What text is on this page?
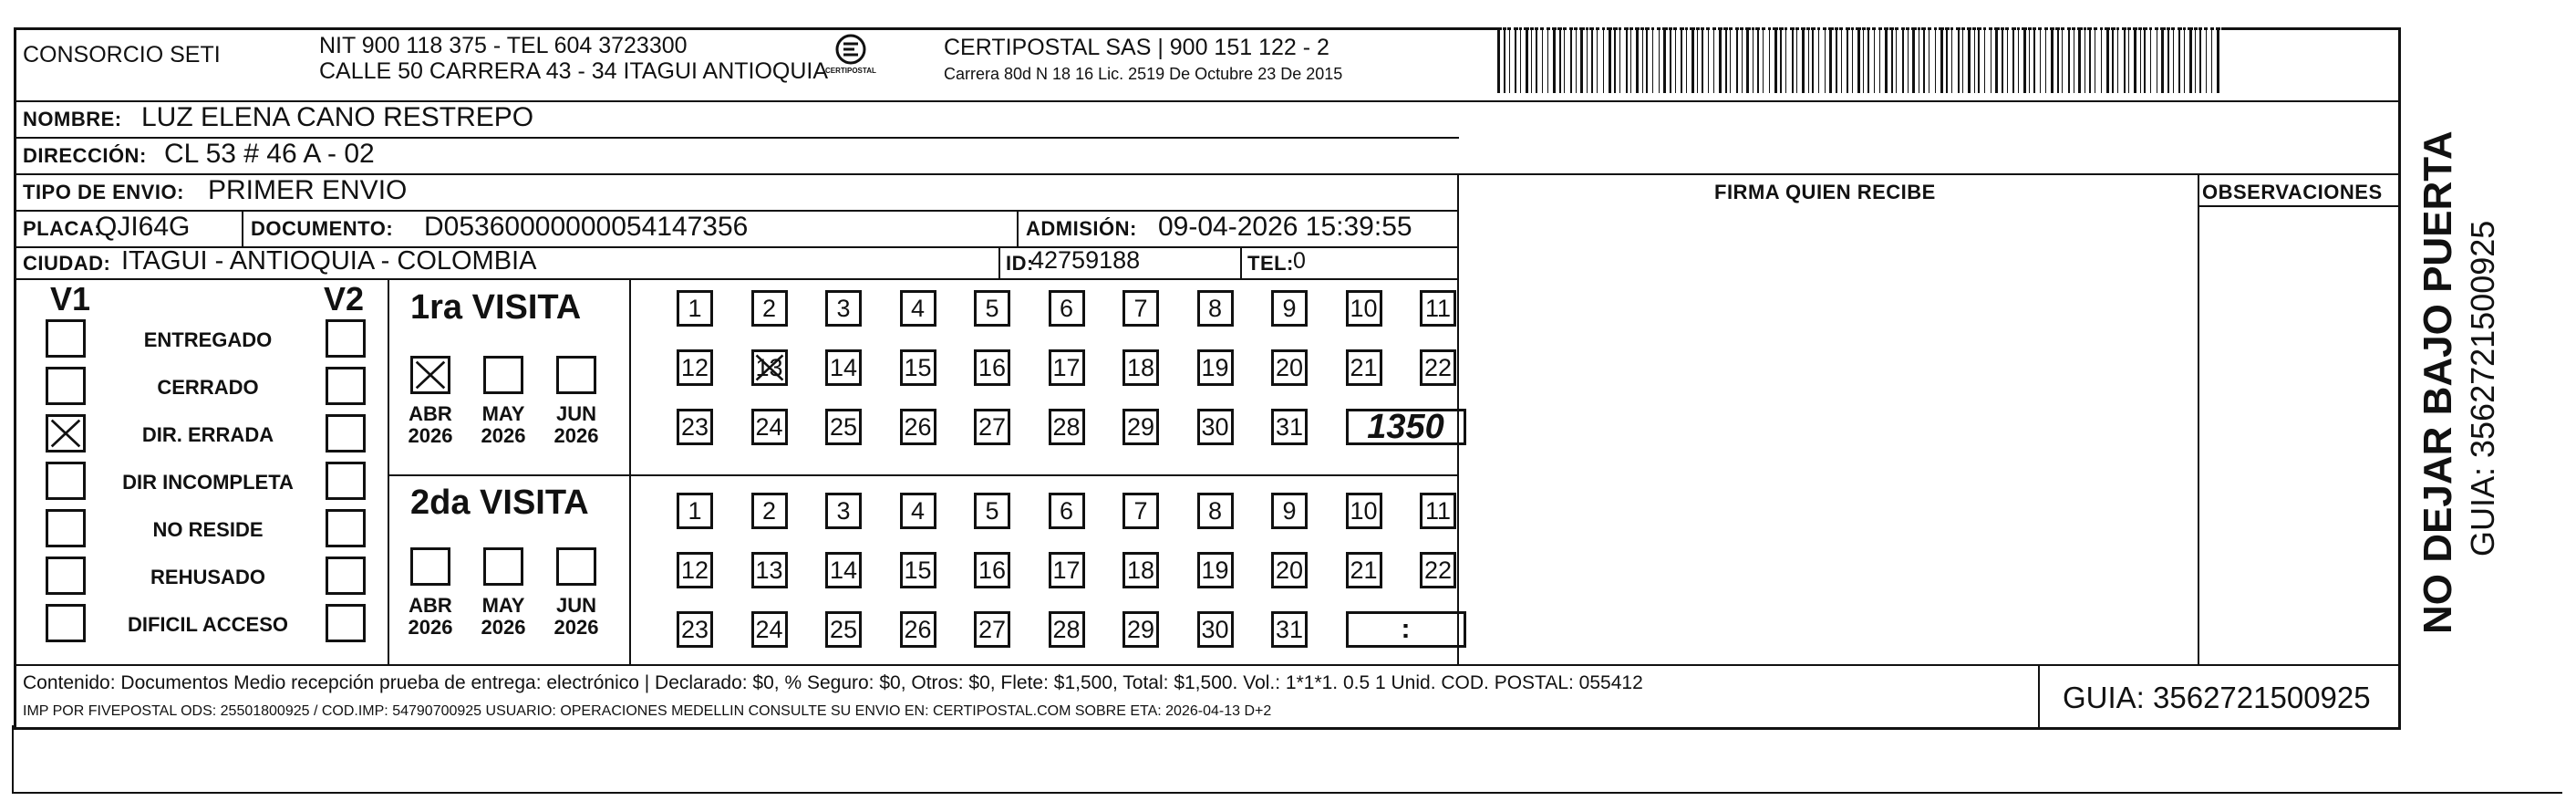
CONSORCIO SETI	NIT 900 118 375 - TEL 604 3723300
CALLE 50 CARRERA 43 - 34 ITAGUI ANTIOQUIA
CERTIPOSTAL
CERTIPOSTAL SAS | 900 151 122 - 2
Carrera 80d N 18 16 Lic. 2519 De Octubre 23 De 2015
NOMBRE: LUZ ELENA CANO RESTREPO
DIRECCIÓN: CL 53 # 46 A - 02
TIPO DE ENVIO: PRIMER ENVIO	FIRMA QUIEN RECIBE	OBSERVACIONES
PLACA:
QJI64G	DOCUMENTO: D05360000000054147356	ADMISIÓN: 09-04-2026 15:39:55
CIUDAD: ITAGUI - ANTIOQUIA - COLOMBIA	ID:
42759188	TEL: 0
V1	V2
ENTREGADO
CERRADO
DIR. ERRADA
DIR INCOMPLETA
NO RESIDE
REHUSADO
DIFICIL ACCESO
1ra VISITA
ABR
2026
MAY
2026
JUN
2026
1	2	3	4	5	6	7	8	9	10 11
12 13 14 15 16 17 18 19 20 21 22
23 24 25 26 27 28 29 30 31	1350
2da VISITA
ABR
2026
MAY
2026
JUN
2026
1	2	3	4	5	6	7	8	9	10 11
12 13 14 15 16 17 18 19 20 21 22
23 24 25 26 27 28 29 30 31	:
Contenido: Documentos Medio recepción prueba de entrega: electrónico | Declarado: $0, % Seguro: $0, Otros: $0, Flete: $1,500, Total: $1,500. Vol.: 1*1*1. 0.5 1 Unid. COD. POSTAL: 055412
IMP POR FIVEPOSTAL ODS: 25501800925 / COD.IMP: 54790700925 USUARIO: OPERACIONES MEDELLIN CONSULTE SU ENVIO EN: CERTIPOSTAL.COM SOBRE ETA: 2026-04-13 D+2	GUIA: 3562721500925
NO DEJAR BAJO PUERTA GUIA: 3562721500925
